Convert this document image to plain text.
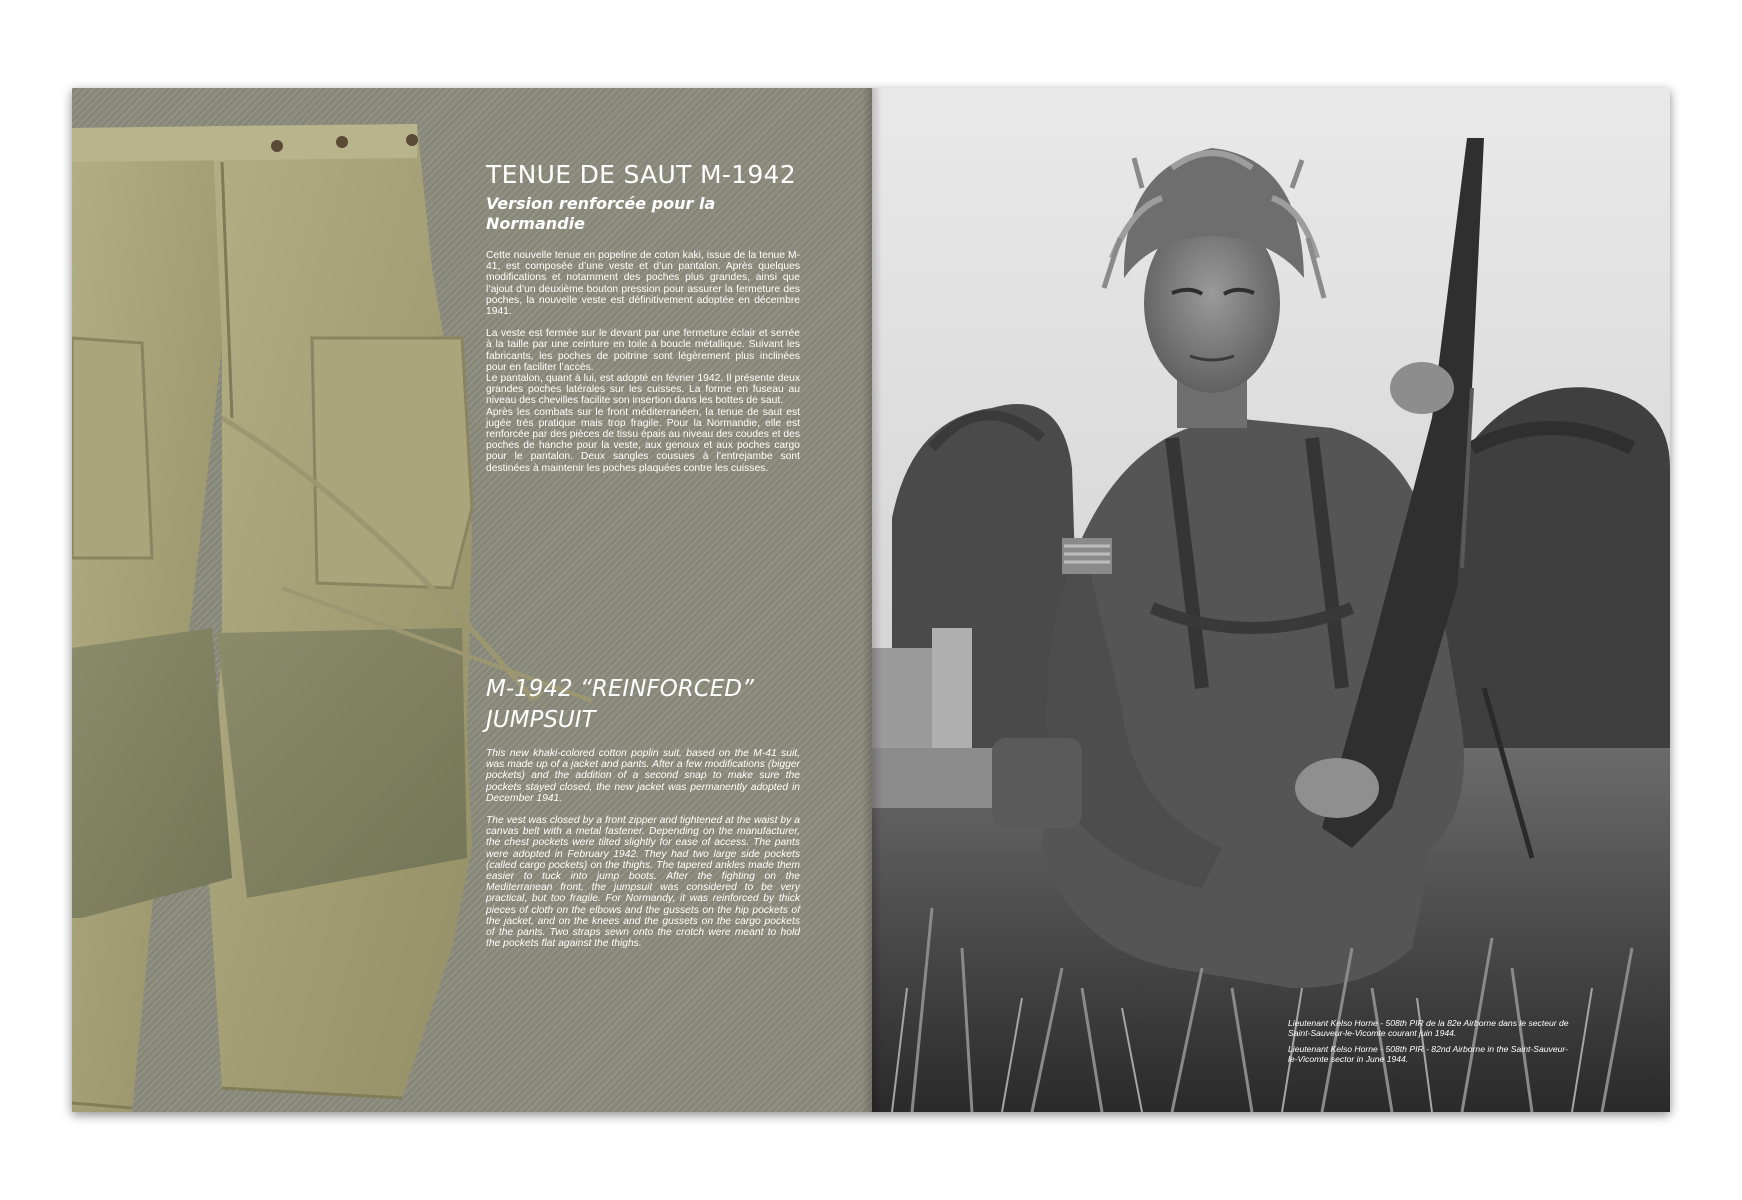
TENUE DE SAUT M-1942
Version renforcée pour la Normandie

Cette nouvelle tenue en popeline de coton kaki, issue de la tenue M-41, est composée d’une veste et d’un pantalon. Après quelques modifications et notamment des poches plus grandes, ainsi que l’ajout d’un deuxième bouton pression pour assurer la fermeture des poches, la nouvelle veste est définitivement adoptée en décembre 1941.

La veste est fermée sur le devant par une fermeture éclair et serrée à la taille par une ceinture en toile à boucle métallique. Suivant les fabricants, les poches de poitrine sont légèrement plus inclinées pour en faciliter l’accès.
Le pantalon, quant à lui, est adopté en février 1942. Il présente deux grandes poches latérales sur les cuisses. La forme en fuseau au niveau des chevilles facilite son insertion dans les bottes de saut.
Après les combats sur le front méditerranéen, la tenue de saut est jugée très pratique mais trop fragile. Pour la Normandie, elle est renforcée par des pièces de tissu épais au niveau des coudes et des poches de hanche pour la veste, aux genoux et aux poches cargo pour le pantalon. Deux sangles cousues à l’entrejambe sont destinées à maintenir les poches plaquées contre les cuisses.

M-1942 “REINFORCED”
JUMPSUIT

This new khaki-colored cotton poplin suit, based on the M-41 suit, was made up of a jacket and pants. After a few modifications (bigger pockets) and the addition of a second snap to make sure the pockets stayed closed, the new jacket was permanently adopted in December 1941.

The vest was closed by a front zipper and tightened at the waist by a canvas belt with a metal fastener. Depending on the manufacturer, the chest pockets were tilted slightly for ease of access. The pants were adopted in February 1942. They had two large side pockets (called cargo pockets) on the thighs. The tapered ankles made them easier to tuck into jump boots. After the fighting on the Mediterranean front, the jumpsuit was considered to be very practical, but too fragile. For Normandy, it was reinforced by thick pieces of cloth on the elbows and the gussets on the hip pockets of the jacket, and on the knees and the gussets on the cargo pockets of the pants. Two straps sewn onto the crotch were meant to hold the pockets flat against the thighs.

Lieutenant Kelso Horne - 508th PIR de la 82e Airborne dans le secteur de Saint-Sauveur-le-Vicomte courant juin 1944.

Lieutenant Kelso Horne - 508th PIR - 82nd Airborne in the Saint-Sauveur-le-Vicomte sector in June 1944.
